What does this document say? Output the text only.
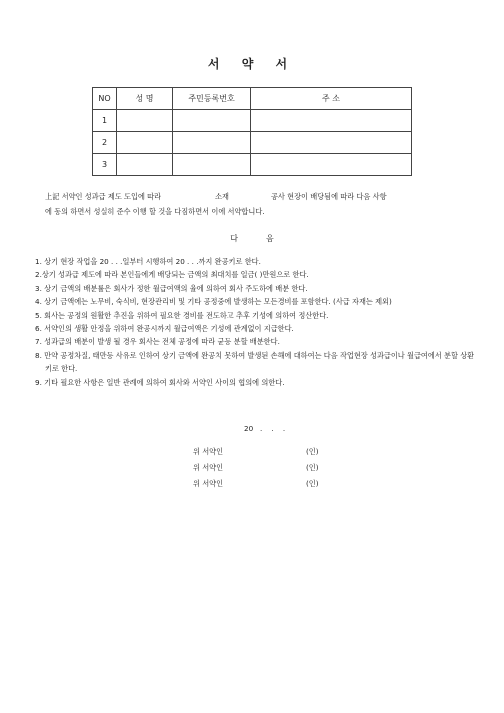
서 약 서
NO	성 명	주민등록번호	주 소
1			
2			
3			
上記 서약인 성과급 제도 도입에 따라	소재	공사 현장이 배당됨에 따라 다음 사항
에 동의 하면서 성실히 준수 이행 할 것을 다짐하면서 이에 서약합니다.
다	음
1. 상기 현장 작업을 20 . . .일부터 시행하여 20 . . .까지 완공키로 한다.
2.상기 성과급 제도에 따라 본인들에게 배당되는 금액의 최대치를 일금( )만원으로 한다.
3. 상기 금액의 배분률은 회사가 정한 월급여액의 율에 의하여 회사 주도하에 배분 한다.
4. 상기 금액에는 노무비, 숙식비, 현장관리비 및 기타 공정중에 발생하는 모든경비를 포함한다. (사급 자재는 제외)
5. 회사는 공정의 원활한 추진을 위하여 필요한 경비를 전도하고 추후 기성에 의하여 정산한다.
6. 서약인의 생활 안정을 위하여 완공시까지 월급여액은 기성에 관계없이 지급한다.
7. 성과급의 배분이 발생 될 경우 회사는 전체 공정에 따라 균등 분할 배분한다.
8. 만약 공정차질, 태만등 사유로 인하여 상기 금액에 완공치 못하여 발생된 손해에 대하여는 다음 작업현장 성과급이나 월급여에서 분할 상환키로 한다.
9. 기타 필요한 사항은 일반 관례에 의하여 회사와 서약인 사이의 협의에 의한다.
20   .    .    .
위 서약인	(인)
위 서약인	(인)
위 서약인	(인)
